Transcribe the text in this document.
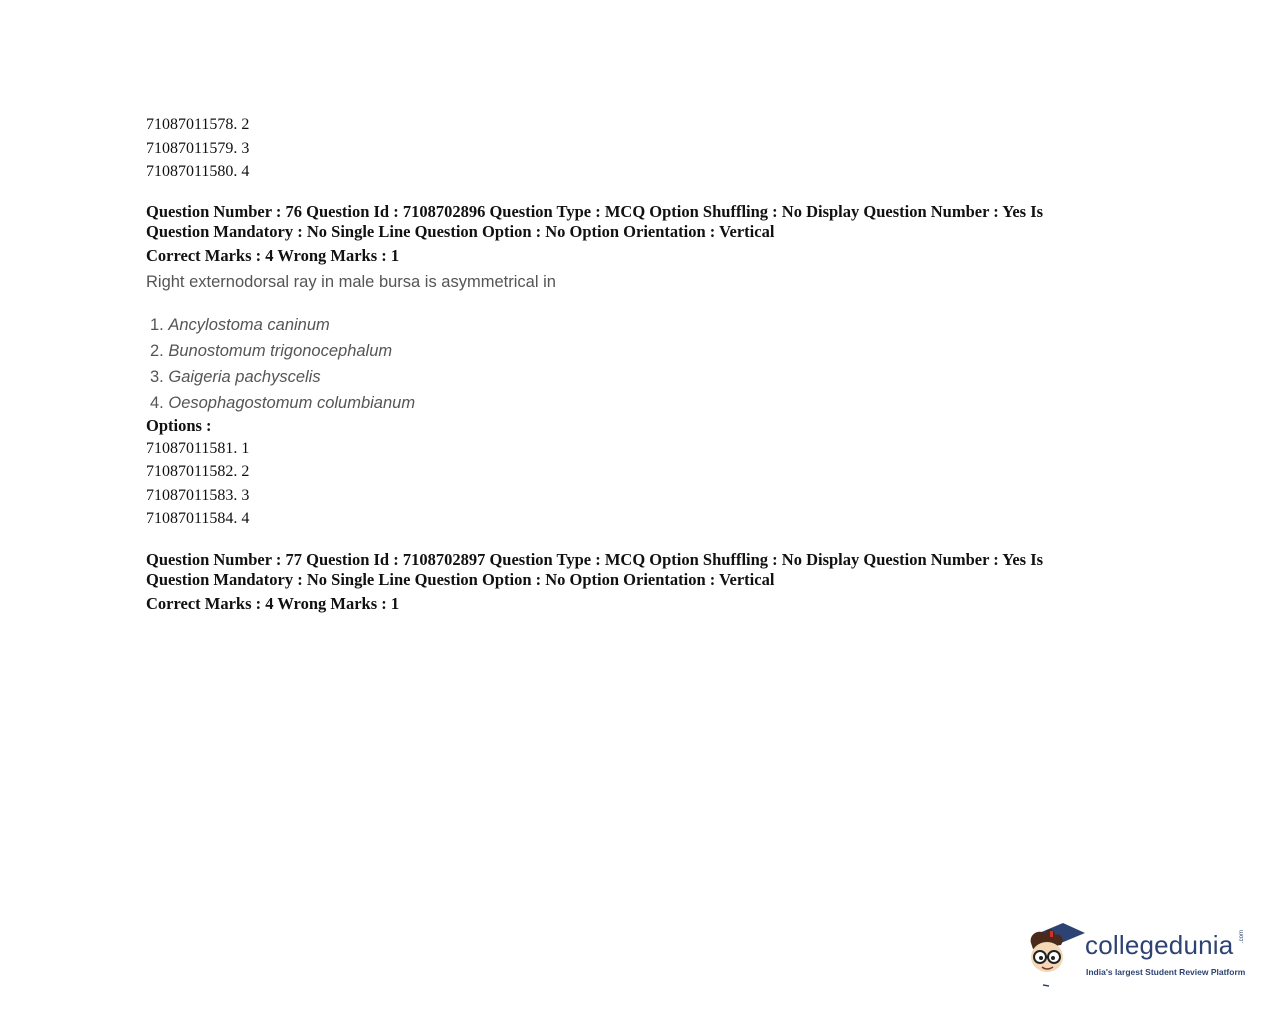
71087011578. 2
71087011579. 3
71087011580. 4
Question Number : 76 Question Id : 7108702896 Question Type : MCQ Option Shuffling : No Display Question Number : Yes Is
Question Mandatory : No Single Line Question Option : No Option Orientation : Vertical
Correct Marks : 4 Wrong Marks : 1
Right externodorsal ray in male bursa is asymmetrical in
1. Ancylostoma caninum
2. Bunostomum trigonocephalum
3. Gaigeria pachyscelis
4. Oesophagostomum columbianum
Options :
71087011581. 1
71087011582. 2
71087011583. 3
71087011584. 4
Question Number : 77 Question Id : 7108702897 Question Type : MCQ Option Shuffling : No Display Question Number : Yes Is
Question Mandatory : No Single Line Question Option : No Option Orientation : Vertical
Correct Marks : 4 Wrong Marks : 1
collegedunia .com
India's largest Student Review Platform
